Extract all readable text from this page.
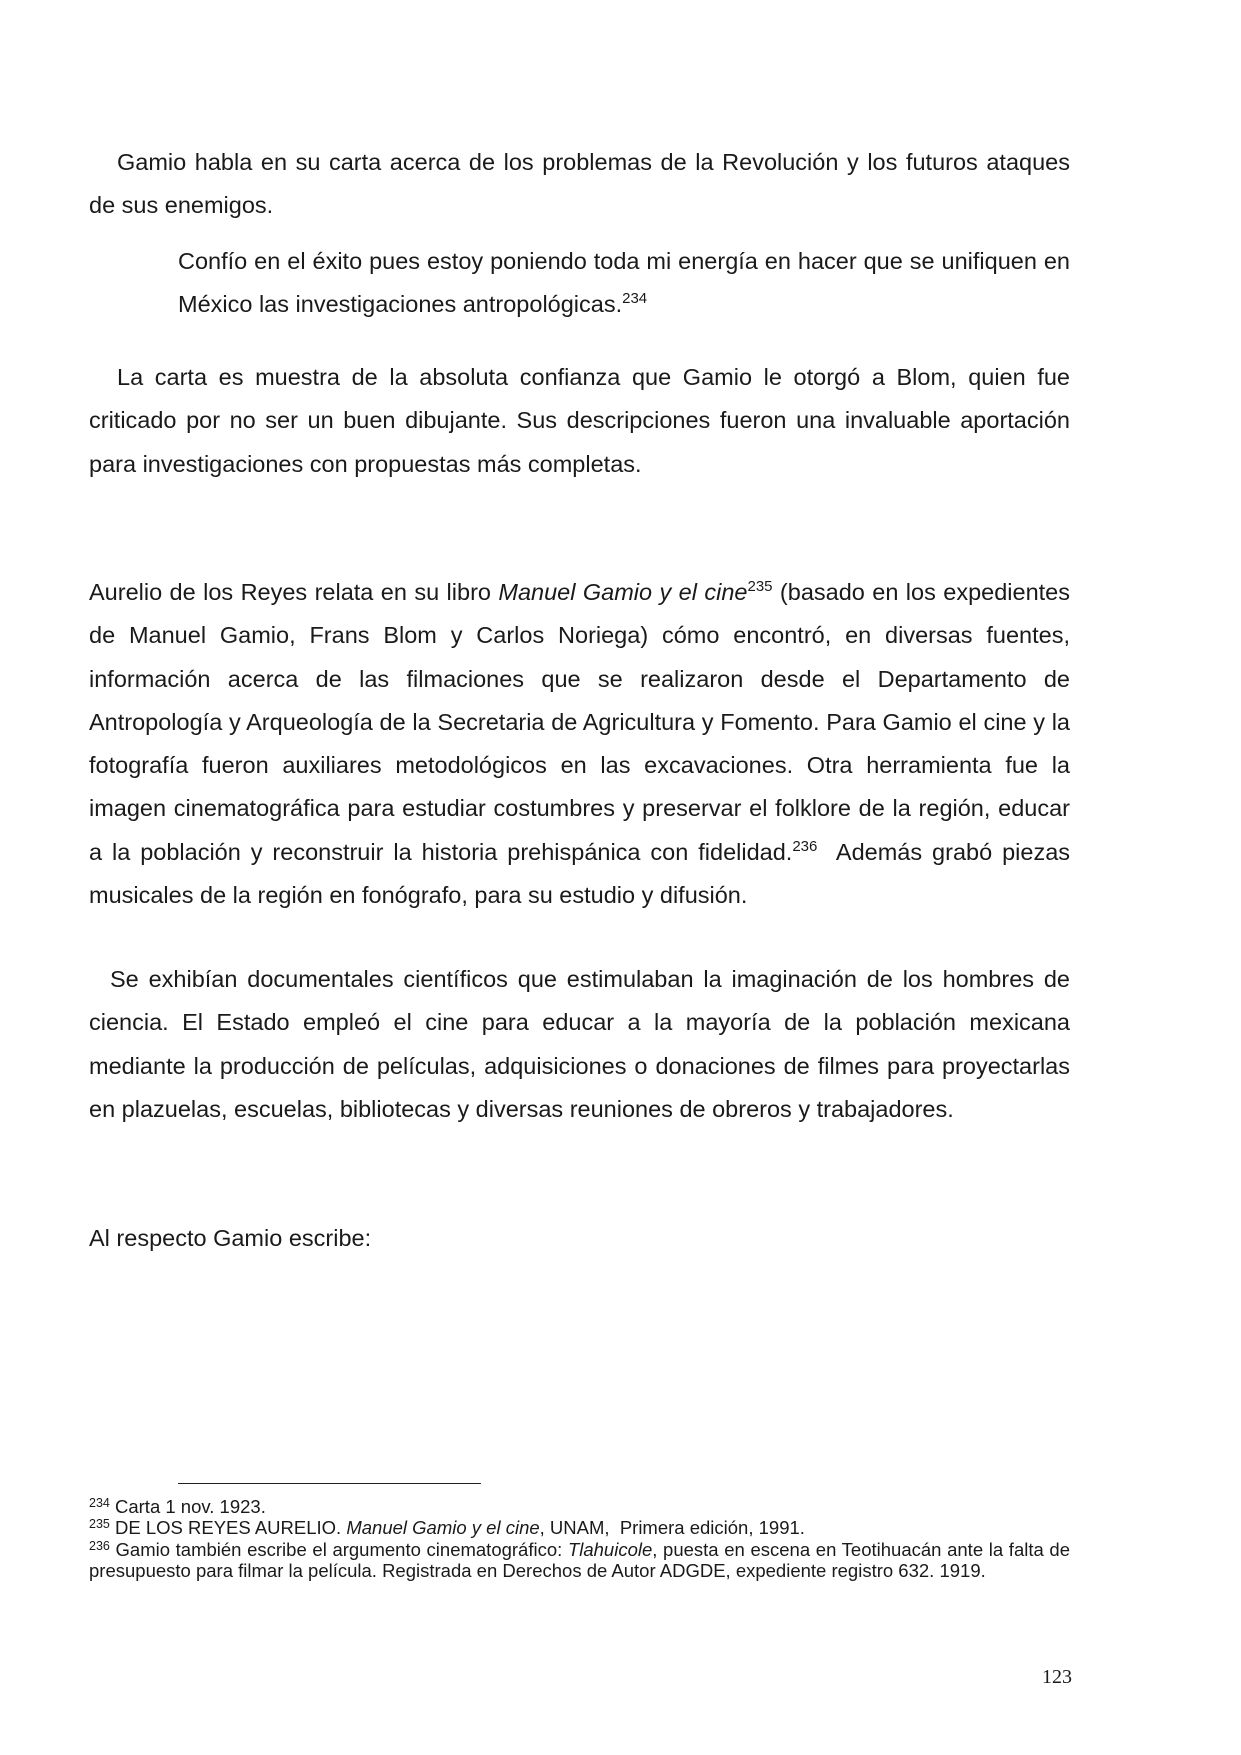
Gamio habla en su carta acerca de los problemas de la Revolución y los futuros ataques de sus enemigos.

Confío en el éxito pues estoy poniendo toda mi energía en hacer que se unifiquen en México las investigaciones antropológicas.$^{234}$

La carta es muestra de la absoluta confianza que Gamio le otorgó a Blom, quien fue criticado por no ser un buen dibujante. Sus descripciones fueron una invaluable aportación para investigaciones con propuestas más completas.

Aurelio de los Reyes relata en su libro Manuel Gamio y el cine$^{235}$ (basado en los expedientes de Manuel Gamio, Frans Blom y Carlos Noriega) cómo encontró, en diversas fuentes, información acerca de las filmaciones que se realizaron desde el Departamento de Antropología y Arqueología de la Secretaria de Agricultura y Fomento. Para Gamio el cine y la fotografía fueron auxiliares metodológicos en las excavaciones. Otra herramienta fue la imagen cinematográfica para estudiar costumbres y preservar el folklore de la región, educar a la población y reconstruir la historia prehispánica con fidelidad.$^{236}$  Además grabó piezas musicales de la región en fonógrafo, para su estudio y difusión.

Se exhibían documentales científicos que estimulaban la imaginación de los hombres de ciencia. El Estado empleó el cine para educar a la mayoría de la población mexicana mediante la producción de películas, adquisiciones o donaciones de filmes para proyectarlas en plazuelas, escuelas, bibliotecas y diversas reuniones de obreros y trabajadores.

Al respecto Gamio escribe:

$^{234}$ Carta 1 nov. 1923.
$^{235}$ DE LOS REYES AURELIO. Manuel Gamio y el cine, UNAM,  Primera edición, 1991.
$^{236}$ Gamio también escribe el argumento cinematográfico: Tlahuicole, puesta en escena en Teotihuacán ante la falta de presupuesto para filmar la película. Registrada en Derechos de Autor ADGDE, expediente registro 632. 1919.
123
